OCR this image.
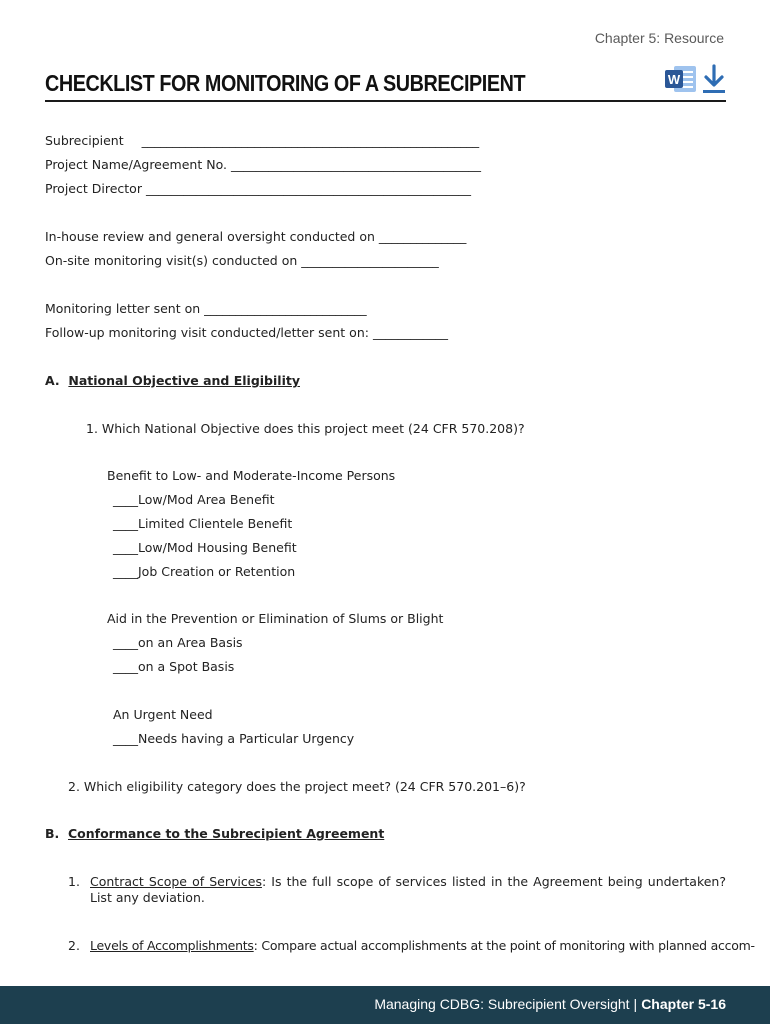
Chapter 5: Resource
CHECKLIST FOR MONITORING OF A SUBRECIPIENT	W
Subrecipient ______________________________________________________
Project Name/Agreement No. ________________________________________
Project Director ____________________________________________________
In-house review and general oversight conducted on ______________
On-site monitoring visit(s) conducted on ______________________
Monitoring letter sent on __________________________
Follow-up monitoring visit conducted/letter sent on: ____________
A. National Objective and Eligibility
1. Which National Objective does this project meet (24 CFR 570.208)?
Benefit to Low- and Moderate-Income Persons
____Low/Mod Area Benefit
____Limited Clientele Benefit
____Low/Mod Housing Benefit
____Job Creation or Retention
Aid in the Prevention or Elimination of Slums or Blight
____on an Area Basis
____on a Spot Basis
An Urgent Need
____Needs having a Particular Urgency
2. Which eligibility category does the project meet? (24 CFR 570.201–6)?
B. Conformance to the Subrecipient Agreement
1. Contract Scope of Services: Is the full scope of services listed in the Agreement being undertaken? List any deviation.
2. Levels of Accomplishments: Compare actual accomplishments at the point of monitoring with planned accom-
Managing CDBG: Subrecipient Oversight | Chapter 5-16
